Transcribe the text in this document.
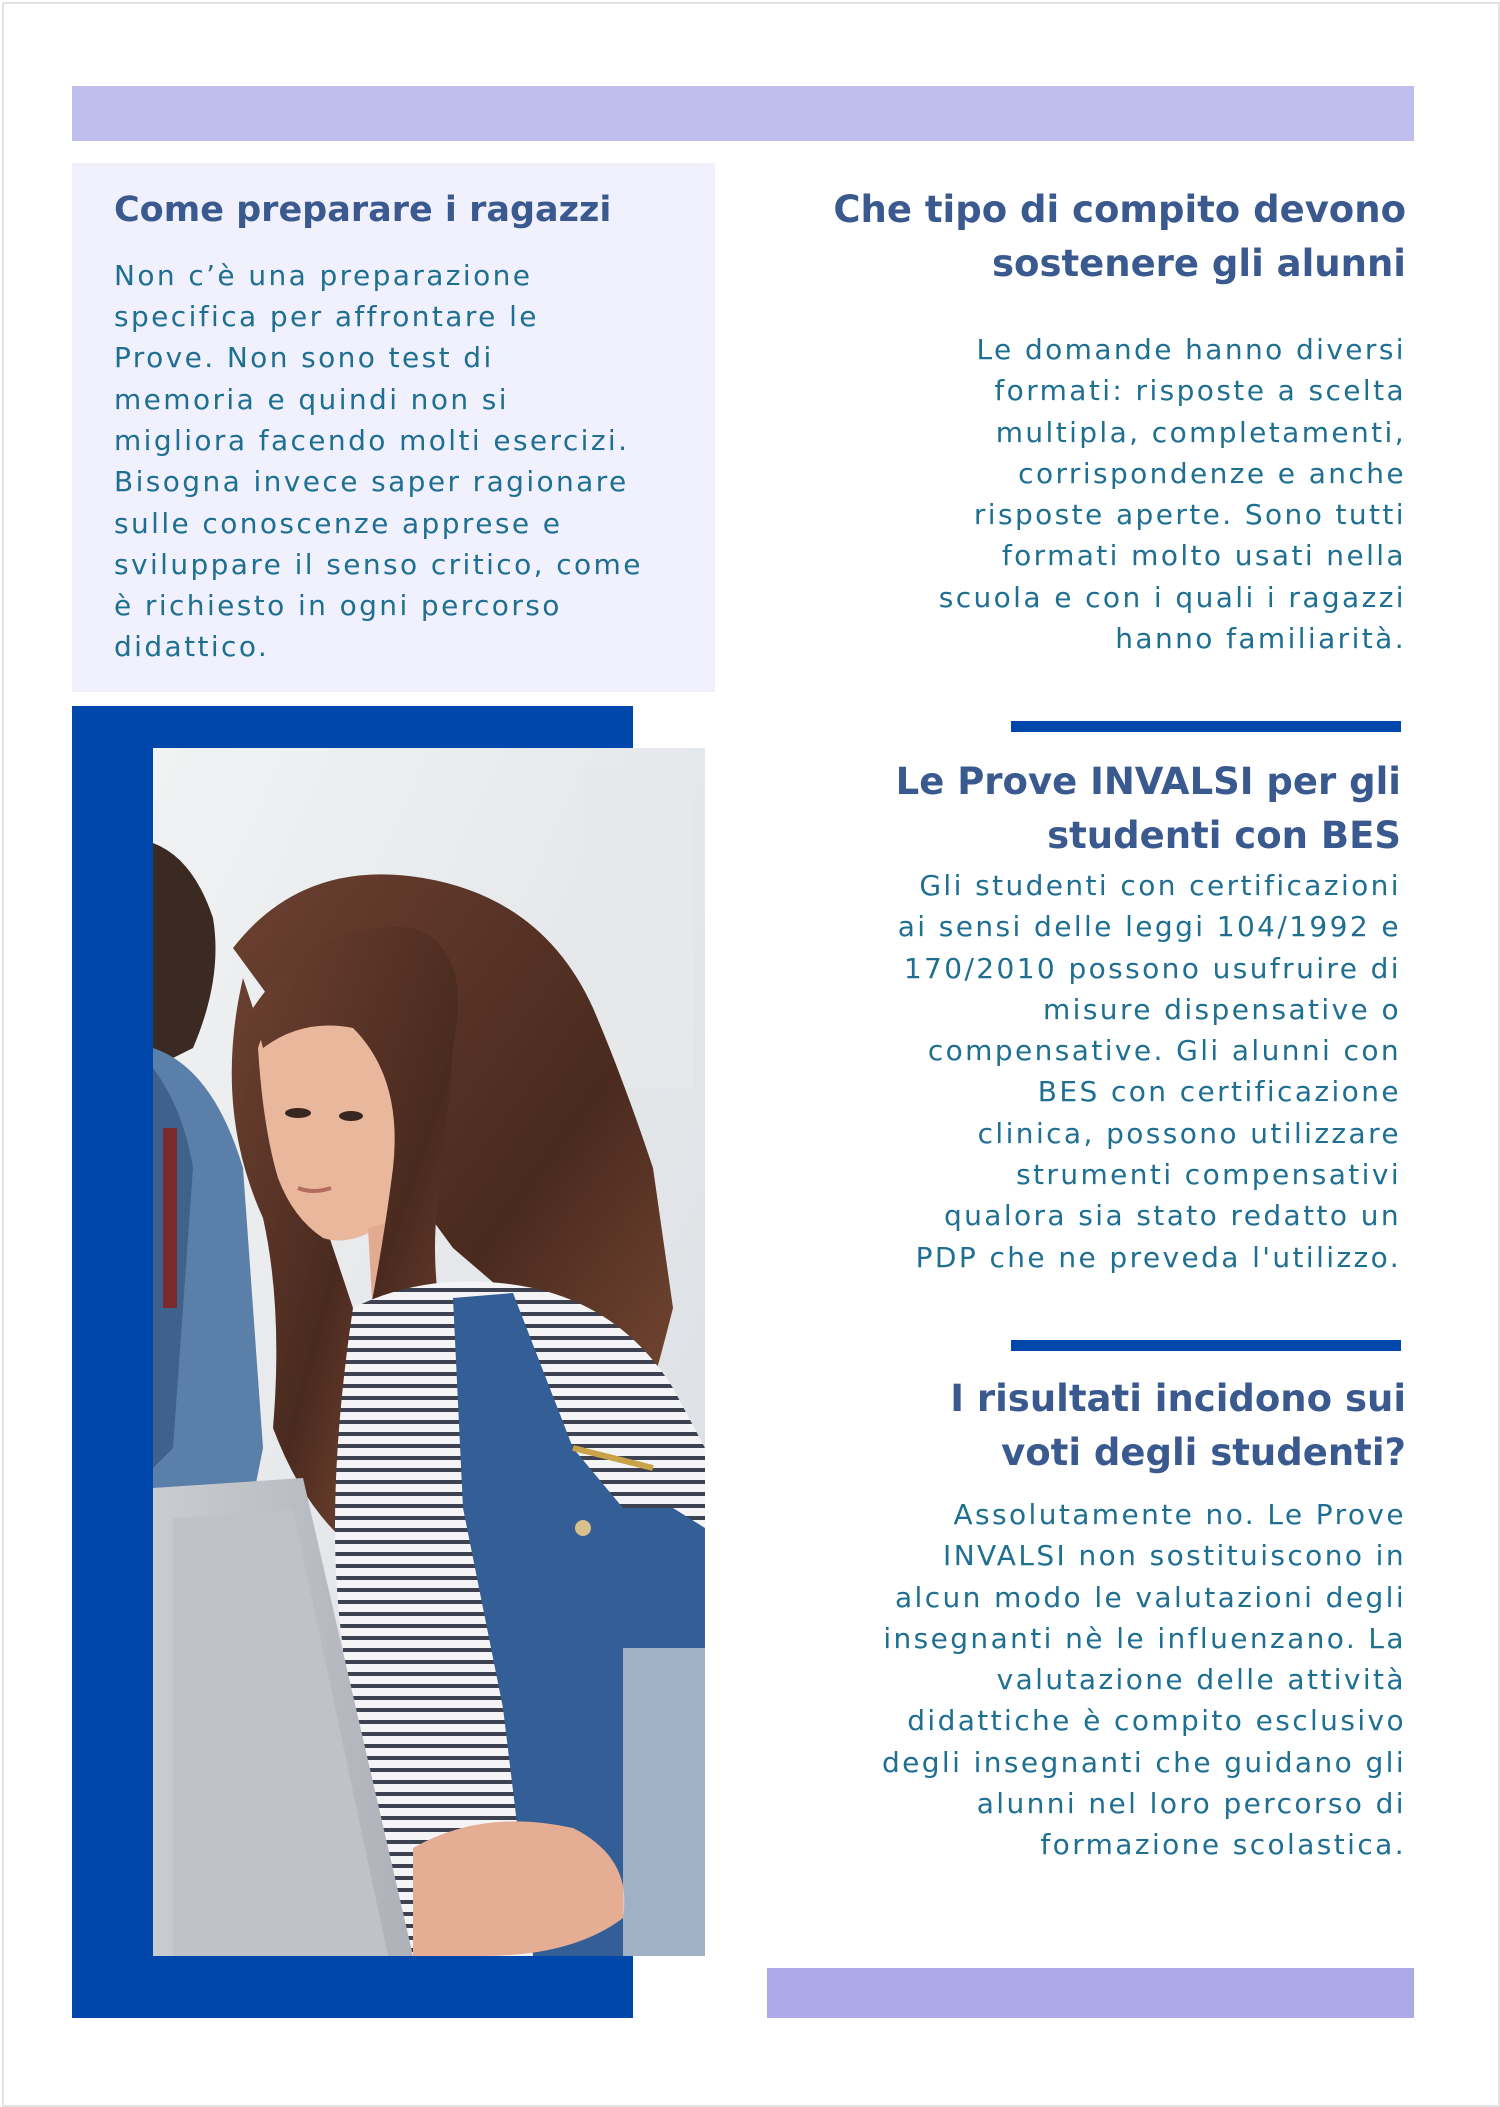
Come preparare i ragazzi

Non c’è una preparazione
specifica per affrontare le
Prove. Non sono test di
memoria e quindi non si
migliora facendo molti esercizi.
Bisogna invece saper ragionare
sulle conoscenze apprese e
sviluppare il senso critico, come
è richiesto in ogni percorso
didattico.

Che tipo di compito devono
sostenere gli alunni

Le domande hanno diversi
formati: risposte a scelta
multipla, completamenti,
corrispondenze e anche
risposte aperte. Sono tutti
formati molto usati nella
scuola e con i quali i ragazzi
hanno familiarità.

Le Prove INVALSI per gli
studenti con BES

Gli studenti con certificazioni
ai sensi delle leggi 104/1992 e
170/2010 possono usufruire di
misure dispensative o
compensative. Gli alunni con
BES con certificazione
clinica, possono utilizzare
strumenti compensativi
qualora sia stato redatto un
PDP che ne preveda l'utilizzo.

I risultati incidono sui
voti degli studenti?

Assolutamente no. Le Prove
INVALSI non sostituiscono in
alcun modo le valutazioni degli
insegnanti nè le influenzano. La
valutazione delle attività
didattiche è compito esclusivo
degli insegnanti che guidano gli
alunni nel loro percorso di
formazione scolastica.
